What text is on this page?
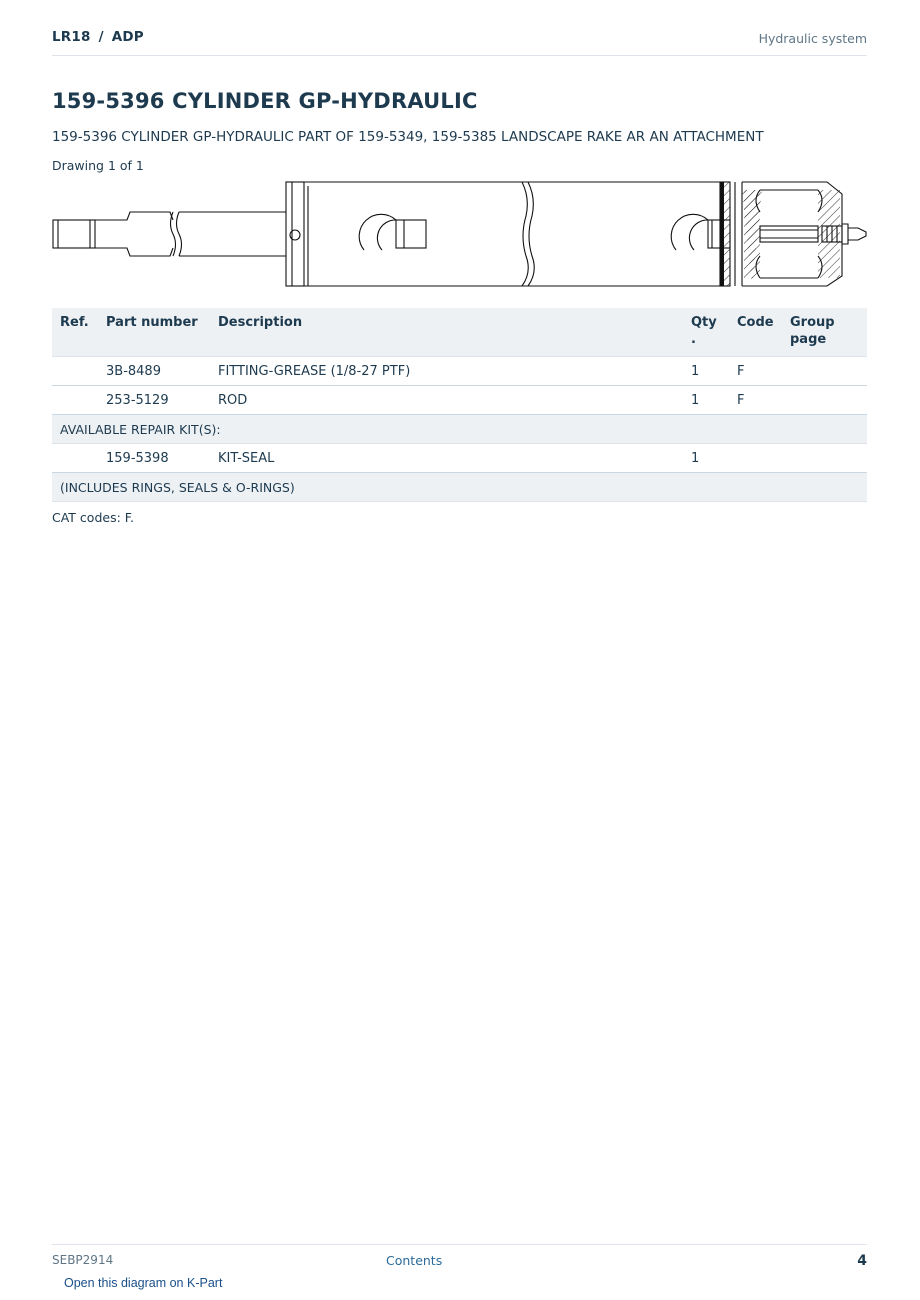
LR18 / ADP	Hydraulic system
159-5396 CYLINDER GP-HYDRAULIC
159-5396 CYLINDER GP-HYDRAULIC PART OF 159-5349, 159-5385 LANDSCAPE RAKE AR AN ATTACHMENT
Drawing 1 of 1
Ref.	Part number	Description	Qty .	Code	Group page
	3B-8489	FITTING-GREASE (1/8-27 PTF)	1	F	
	253-5129	ROD	1	F	
AVAILABLE REPAIR KIT(S):					
	159-5398	KIT-SEAL	1		
(INCLUDES RINGS, SEALS & O-RINGS)					
CAT codes: F.
SEBP2914	Contents	4
Open this diagram on K-Part
